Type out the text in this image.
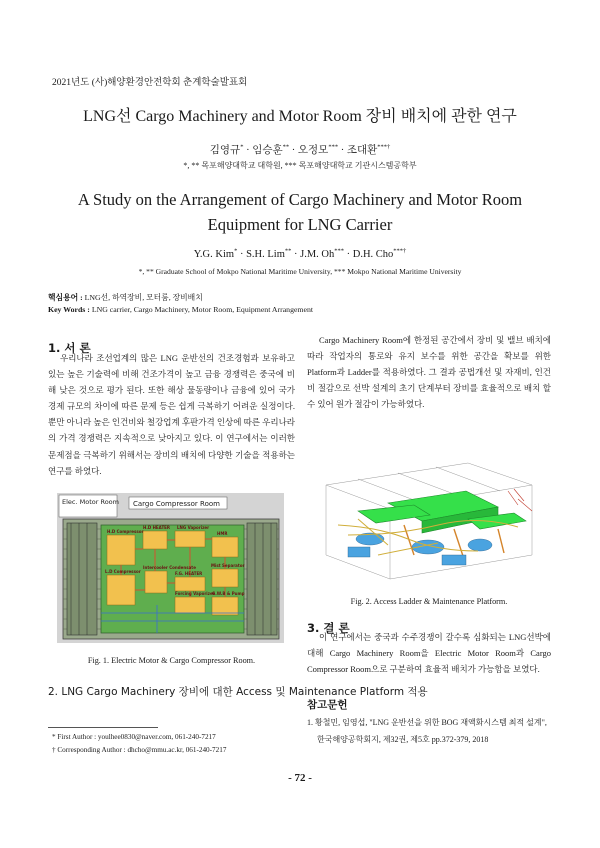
2021년도 (사)해양환경안전학회 춘계학술발표회
LNG선 Cargo Machinery and Motor Room 장비 배치에 관한 연구
김영규* · 임승훈** · 오정모*** · 조대환***†
*, ** 목포해양대학교 대학원, *** 목포해양대학교 기관시스템공학부
A Study on the Arrangement of Cargo Machinery and Motor Room Equipment for LNG Carrier
Y.G. Kim* · S.H. Lim** · J.M. Oh*** · D.H. Cho***†
*, ** Graduate School of Mokpo National Maritime University, *** Mokpo National Maritime University
핵심용어 : LNG선, 하역장비, 모터룸, 장비배치
Key Words : LNG carrier, Cargo Machinery, Motor Room, Equipment Arrangement
1. 서 론
우리나라 조선업계의 많은 LNG 운반선의 건조경험과 보유하고 있는 높은 기술력에 비해 건조가격이 높고 금융 경쟁력은 중국에 비해 낮은 것으로 평가 된다. 또한 해상 물동량이나 금융에 있어 국가 경제 규모의 차이에 따른 문제 등은 쉽게 극복하기 어려운 실정이다. 뿐만 아니라 높은 인건비와 철강업계 후판가격 인상에 따른 우리나라의 가격 경쟁력은 지속적으로 낮아지고 있다. 이 연구에서는 이러한 문제점을 극복하기 위해서는 장비의 배치에 다양한 기술을 적용하는 연구를 하였다.
Elec. Motor Room Cargo Compressor Room
H.D Compressor
H.D HEATER LNG Vaporizer
HMR
L.D Compressor
Intercooler Condensate
F.G. HEATER
Mist Separator
Forcing Vaporizer
G.W.B & Pump
Fig. 1. Electric Motor & Cargo Compressor Room.
2. LNG Cargo Machinery 장비에 대한 Access 및 Maintenance Platform 적용
Cargo Machinery Room에 한정된 공간에서 장비 및 밸브 배치에 따라 작업자의 통로와 유지 보수를 위한 공간을 확보를 위한 Platform과 Ladder를 적용하였다. 그 결과 공법개선 및 자재비, 인건비 절감으로 선박 설계의 초기 단계부터 장비를 효율적으로 배치 할 수 있어 원가 절감이 가능하였다.
Fig. 2. Access Ladder & Maintenance Platform.
3. 결 론
이 연구에서는 중국과 수주경쟁이 갈수록 심화되는 LNG선박에 대해 Cargo Machinery Room을 Electric Motor Room과 Cargo Compressor Room으로 구분하여 효율적 배치가 가능함을 보였다.
참고문헌
1. 황철민, 임영섭, "LNG 운반선을 위한 BOG 재액화시스템 최적 설계", 한국해양공학회지, 제32권, 제5호 pp.372-379, 2018
* First Author : youlhee0830@naver.com, 061-240-7217
† Corresponding Author : dhcho@mmu.ac.kr, 061-240-7217
- 72 -
